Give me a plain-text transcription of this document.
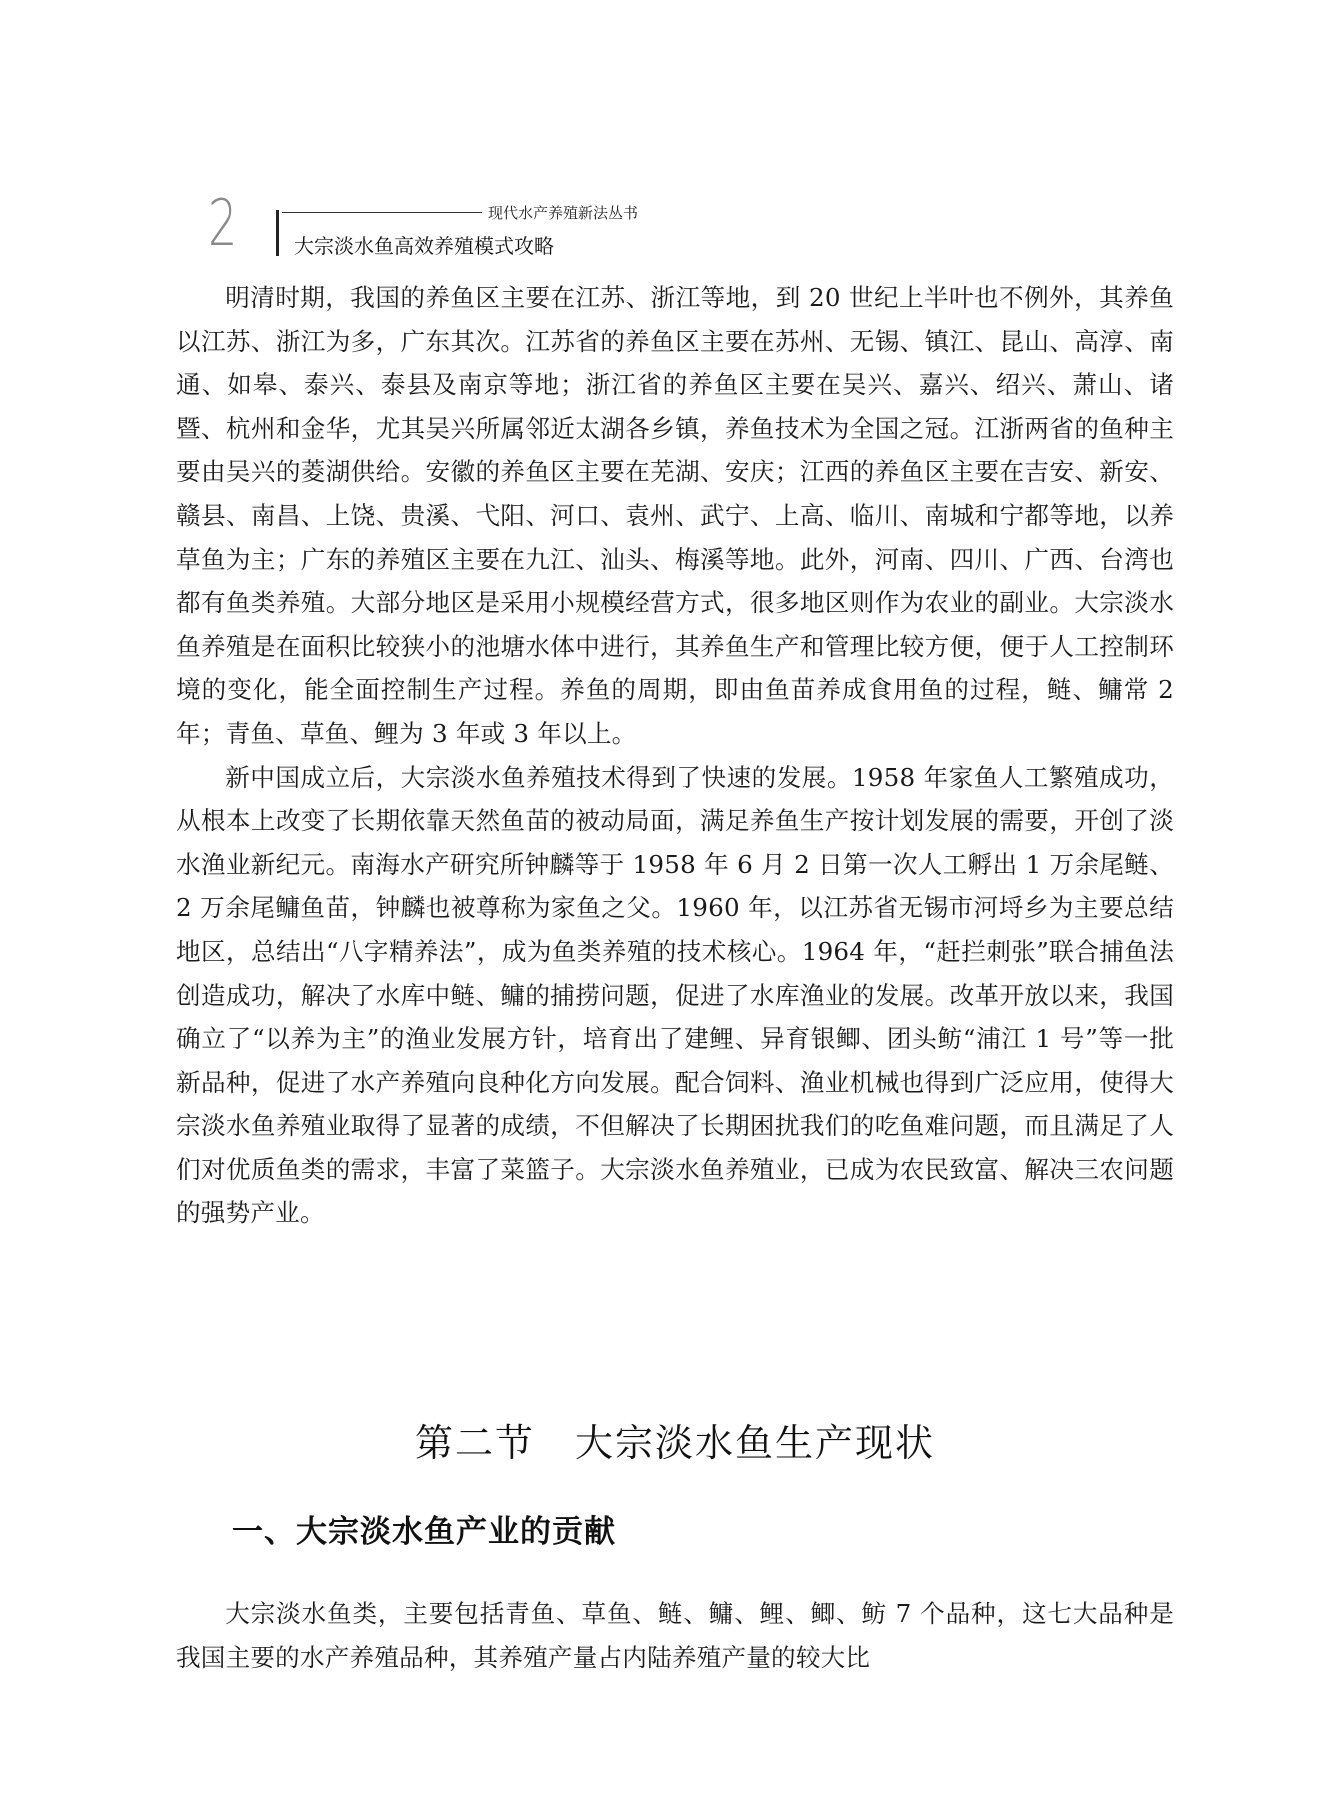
2	现代水产养殖新法丛书
大宗淡水鱼高效养殖模式攻略

明清时期，我国的养鱼区主要在江苏、浙江等地，到 20 世纪上半叶也不例外，其养鱼以江苏、浙江为多，广东其次。江苏省的养鱼区主要在苏州、无锡、镇江、昆山、高淳、南通、如皋、泰兴、泰县及南京等地；浙江省的养鱼区主要在吴兴、嘉兴、绍兴、萧山、诸暨、杭州和金华，尤其吴兴所属邻近太湖各乡镇，养鱼技术为全国之冠。江浙两省的鱼种主要由吴兴的菱湖供给。安徽的养鱼区主要在芜湖、安庆；江西的养鱼区主要在吉安、新安、赣县、南昌、上饶、贵溪、弋阳、河口、袁州、武宁、上高、临川、南城和宁都等地，以养草鱼为主；广东的养殖区主要在九江、汕头、梅溪等地。此外，河南、四川、广西、台湾也都有鱼类养殖。大部分地区是采用小规模经营方式，很多地区则作为农业的副业。大宗淡水鱼养殖是在面积比较狭小的池塘水体中进行，其养鱼生产和管理比较方便，便于人工控制环境的变化，能全面控制生产过程。养鱼的周期，即由鱼苗养成食用鱼的过程，鲢、鳙常 2 年；青鱼、草鱼、鲤为 3 年或 3 年以上。

新中国成立后，大宗淡水鱼养殖技术得到了快速的发展。1958 年家鱼人工繁殖成功，从根本上改变了长期依靠天然鱼苗的被动局面，满足养鱼生产按计划发展的需要，开创了淡水渔业新纪元。南海水产研究所钟麟等于 1958 年 6 月 2 日第一次人工孵出 1 万余尾鲢、2 万余尾鳙鱼苗，钟麟也被尊称为家鱼之父。1960 年，以江苏省无锡市河埒乡为主要总结地区，总结出“八字精养法”，成为鱼类养殖的技术核心。1964 年，“赶拦刺张”联合捕鱼法创造成功，解决了水库中鲢、鳙的捕捞问题，促进了水库渔业的发展。改革开放以来，我国确立了“以养为主”的渔业发展方针，培育出了建鲤、异育银鲫、团头鲂“浦江 1 号”等一批新品种，促进了水产养殖向良种化方向发展。配合饲料、渔业机械也得到广泛应用，使得大宗淡水鱼养殖业取得了显著的成绩，不但解决了长期困扰我们的吃鱼难问题，而且满足了人们对优质鱼类的需求，丰富了菜篮子。大宗淡水鱼养殖业，已成为农民致富、解决三农问题的强势产业。

第二节　大宗淡水鱼生产现状
一、大宗淡水鱼产业的贡献

大宗淡水鱼类，主要包括青鱼、草鱼、鲢、鳙、鲤、鲫、鲂 7 个品种，这七大品种是我国主要的水产养殖品种，其养殖产量占内陆养殖产量的较大比
